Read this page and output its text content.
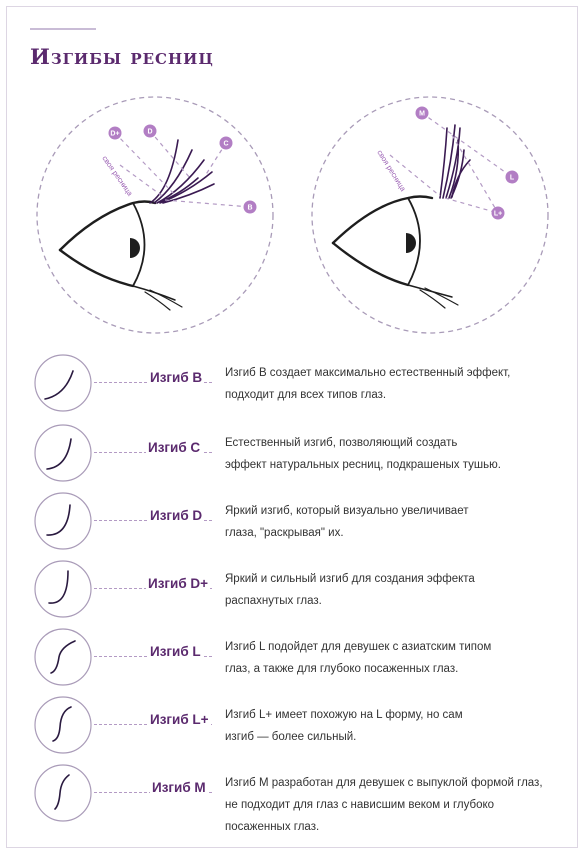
Изгибы ресниц
D+	D
C
B
своя ресница
M
L
L+
своя ресница
Изгиб B Изгиб В создает максимально естественный эффект,
подходит для всех типов глаз.
Изгиб C Естественный изгиб, позволяющий создать
эффект натуральных ресниц, подкрашеных тушью.
Изгиб D Яркий изгиб, который визуально увеличивает
глаза, "раскрывая" их.
Изгиб D+ Яркий и сильный изгиб для создания эффекта
распахнутых глаз.
Изгиб L Изгиб L подойдет для девушек с азиатским типом
глаз, а также для глубоко посаженных глаз.
Изгиб L+ Изгиб L+ имеет похожую на L форму, но сам
изгиб — более сильный.
Изгиб M Изгиб M разработан для девушек с выпуклой формой глаз,
не подходит для глаз с нависшим веком и глубоко
посаженных глаз.
